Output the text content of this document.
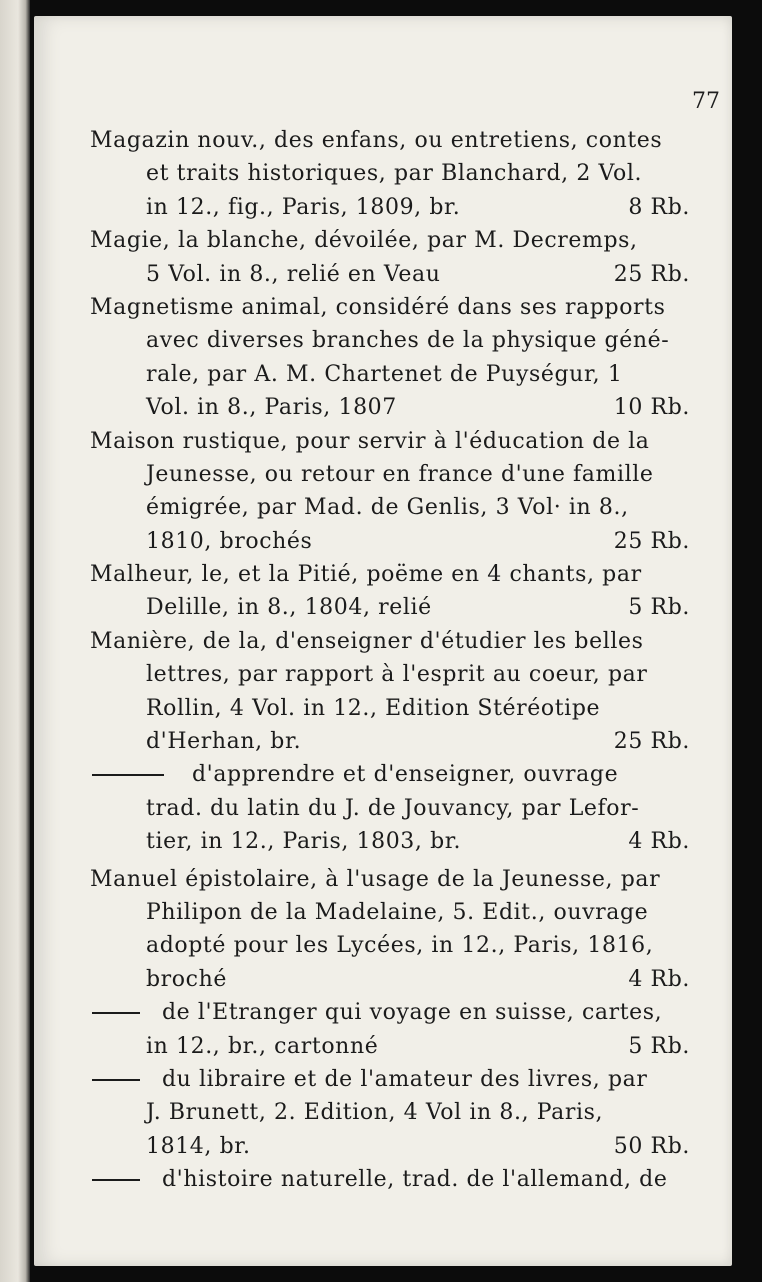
77
Magazin nouv., des enfans, ou entretiens, contes
et traits historiques, par Blanchard, 2 Vol.
in 12., fig., Paris, 1809, br.	8 Rb.
Magie, la blanche, dévoilée, par M. Decremps,
5 Vol. in 8., relié en Veau	25 Rb.
Magnetisme animal, considéré dans ses rapports
avec diverses branches de la physique géné-
rale, par A. M. Chartenet de Puységur, 1
Vol. in 8., Paris, 1807	10 Rb.
Maison rustique, pour servir à l'éducation de la
Jeunesse, ou retour en france d'une famille
émigrée, par Mad. de Genlis, 3 Vol· in 8.,
1810, brochés	25 Rb.
Malheur, le, et la Pitié, poëme en 4 chants, par
Delille, in 8., 1804, relié	5 Rb.
Manière, de la, d'enseigner d'étudier les belles
lettres, par rapport à l'esprit au coeur, par
Rollin, 4 Vol. in 12., Edition Stéréotipe
d'Herhan, br.	25 Rb.
d'apprendre et d'enseigner, ouvrage
trad. du latin du J. de Jouvancy, par Lefor-
tier, in 12., Paris, 1803, br.	4 Rb.
Manuel épistolaire, à l'usage de la Jeunesse, par
Philipon de la Madelaine, 5. Edit., ouvrage
adopté pour les Lycées, in 12., Paris, 1816,
broché	4 Rb.
de l'Etranger qui voyage en suisse, cartes,
in 12., br., cartonné	5 Rb.
du libraire et de l'amateur des livres, par
J. Brunett, 2. Edition, 4 Vol in 8., Paris,
1814, br.	50 Rb.
d'histoire naturelle, trad. de l'allemand, de
